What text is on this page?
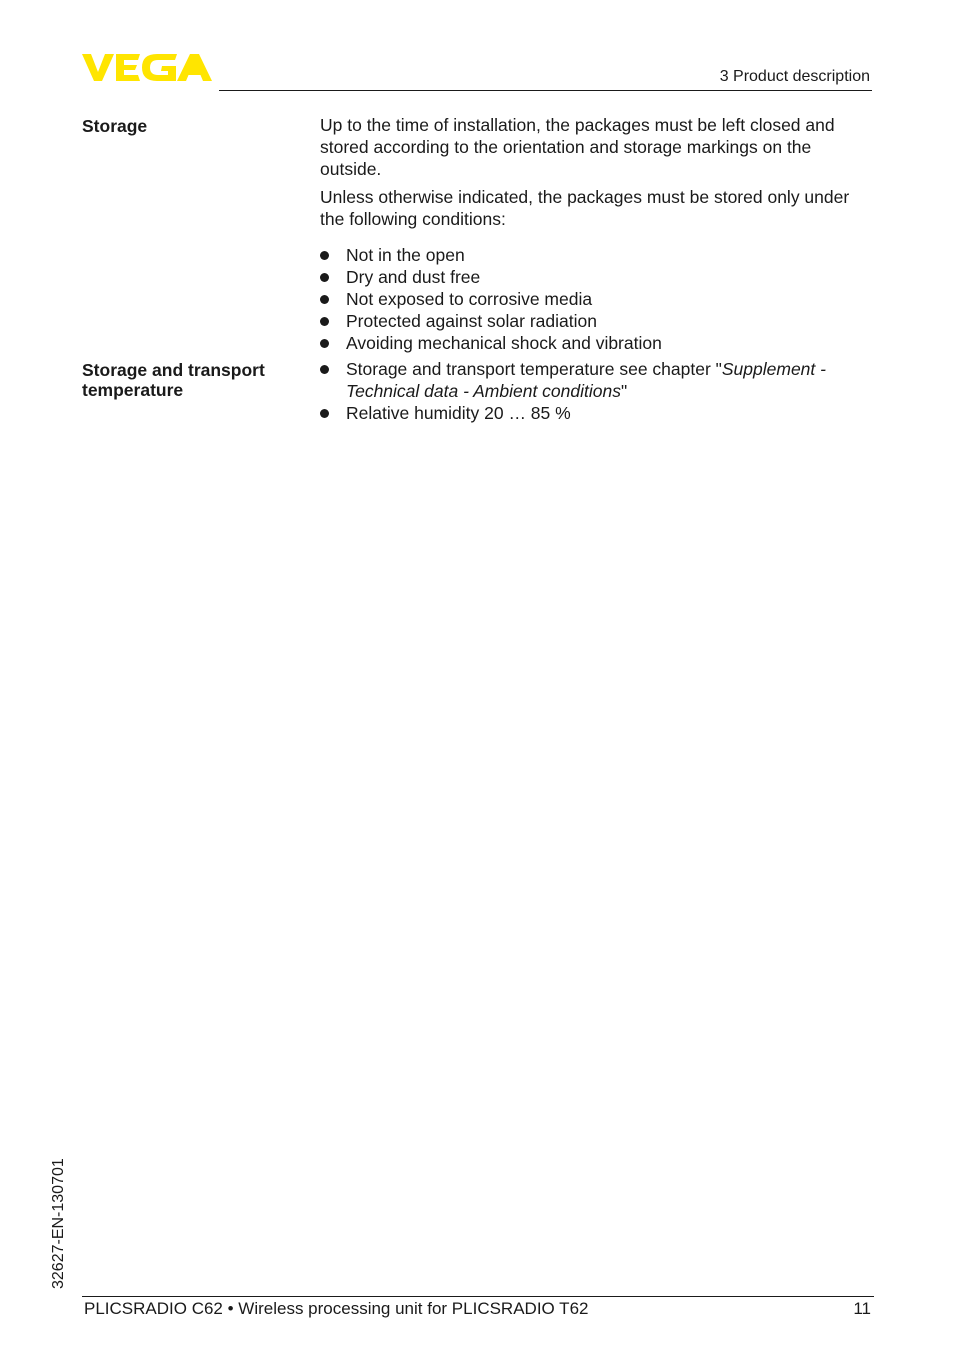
3 Product description
Storage	Up to the time of installation, the packages must be left closed and stored according to the orientation and storage markings on the outside.

Unless otherwise indicated, the packages must be stored only under the following conditions:

Not in the open
Dry and dust free
Not exposed to corrosive media
Protected against solar radiation
Avoiding mechanical shock and vibration
Storage and transport
temperature
Storage and transport temperature see chapter "Supplement - Technical data - Ambient conditions"
Relative humidity 20 … 85 %
32627-EN-130701
PLICSRADIO C62 • Wireless processing unit for PLICSRADIO T62	11
